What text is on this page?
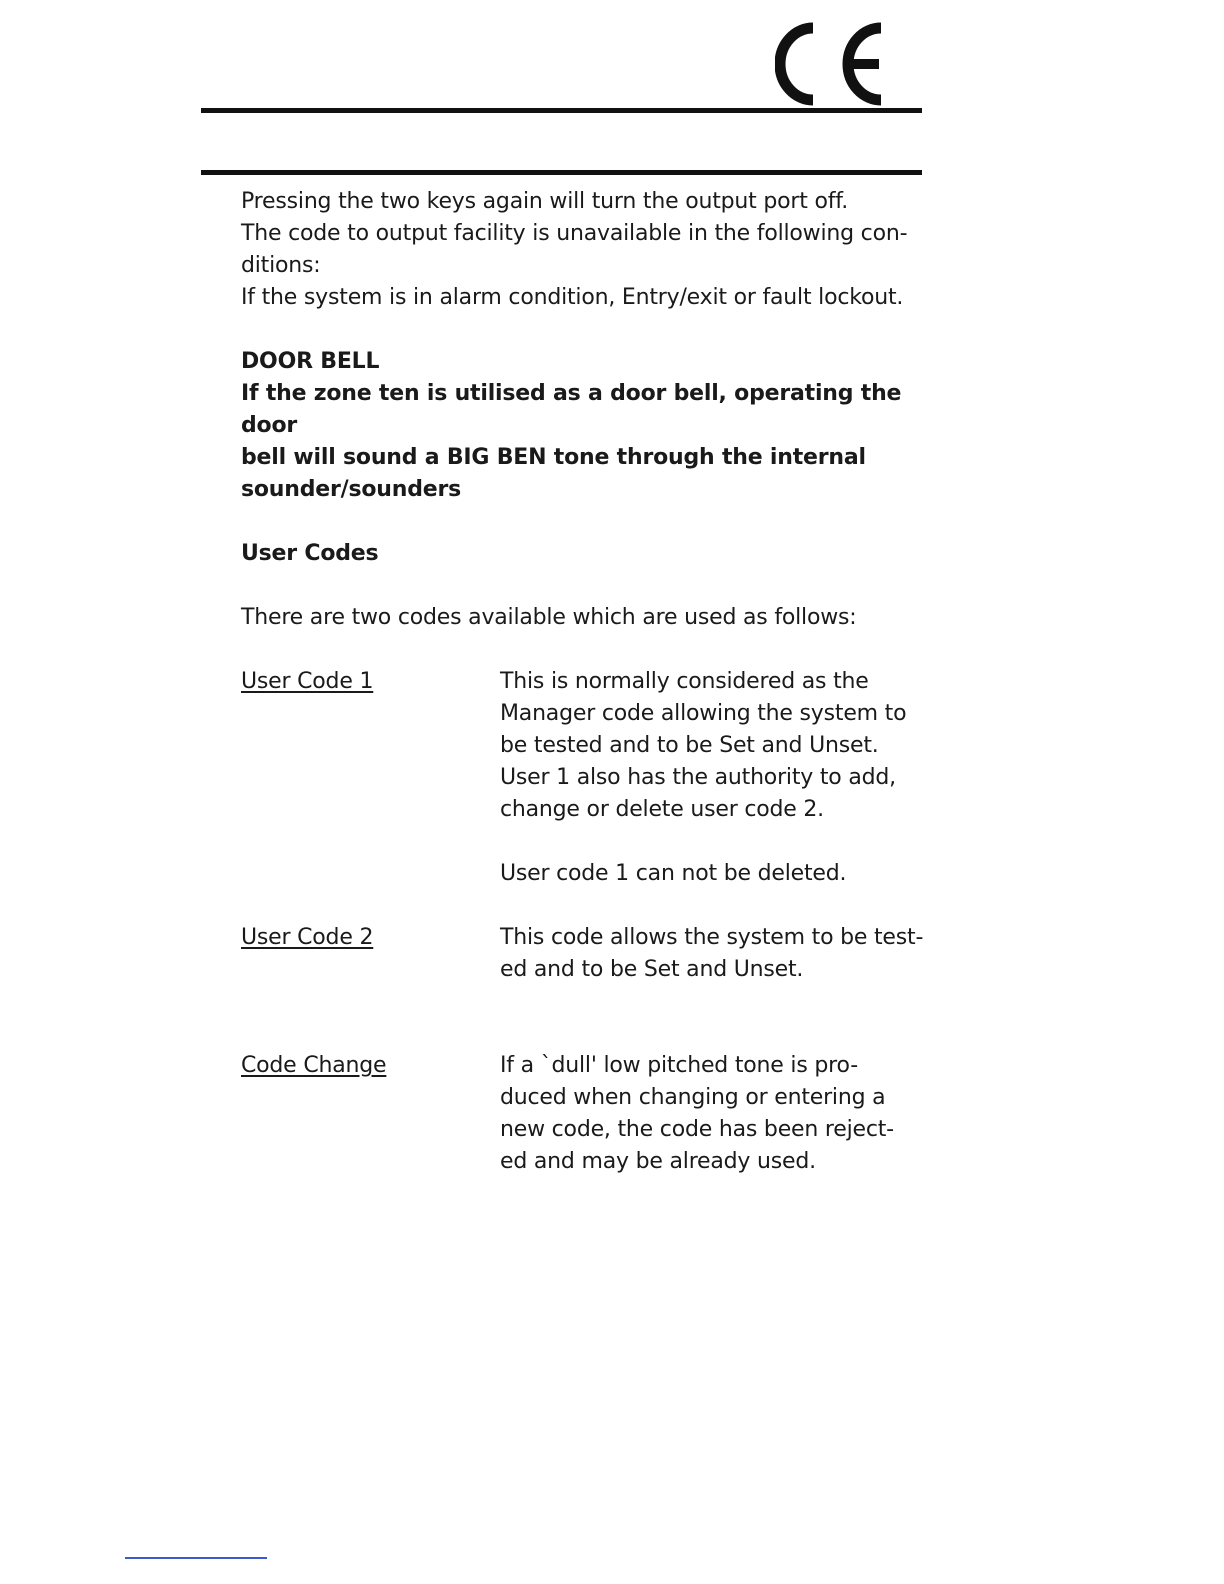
Pressing the two keys again will turn the output port off.

The code to output facility is unavailable in the following con-

ditions:

If the system is in alarm condition, Entry/exit or fault lockout.

DOOR BELL

If the zone ten is utilised as a door bell, operating the door

bell will sound a BIG BEN tone through the internal

sounder/sounders

User Codes

There are two codes available which are used as follows:

User Code 1	This is normally considered as the

Manager code allowing the system to

be tested and to be Set and Unset.

User 1 also has the authority to add,

change or delete user code 2.

User code 1 can not be deleted.

User Code 2	This code allows the system to be test-

ed and to be Set and Unset.

Code Change	If a `dull' low pitched tone is pro-

duced when changing or entering a

new code, the code has been reject-

ed and may be already used.
